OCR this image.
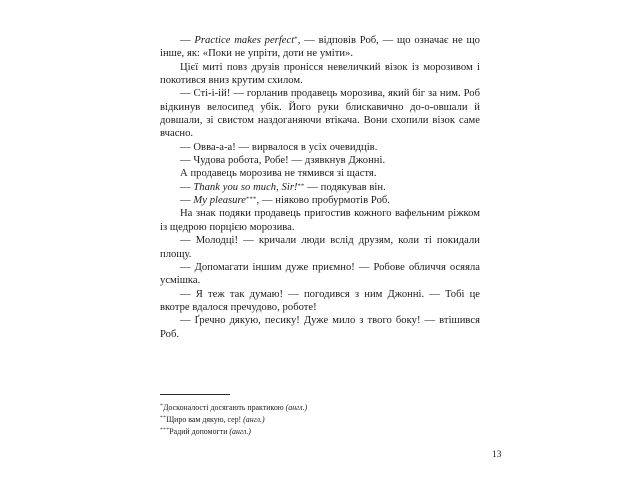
— Practice makes perfect*, — відповів Роб, — що означає не що інше, як: «Поки не упріти, доти не уміти».

Цієї миті повз друзів пронісся невеличкий візок із морозивом і покотився вниз крутим схилом.

— Сті-і-ій! — горланив продавець морозива, який біг за ним. Роб відкинув велосипед убік. Його руки блискавично до-о-овшали й довшали, зі свистом наздоганяючи втікача. Вони схопили візок саме вчасно.

— Овва-а-а! — вирвалося в усіх очевидців.

— Чудова робота, Робе! — дзявкнув Джонні.

А продавець морозива не тямився зі щастя.

— Thank you so much, Sir!** — подякував він.

— My pleasure***, — ніяково пробурмотів Роб.

На знак подяки продавець пригостив кожного вафельним ріжком із щедрою порцією морозива.

— Молодці! — кричали люди вслід друзям, коли ті покидали площу.

— Допомагати іншим дуже приємно! — Робове обличчя осяяла усмішка.

— Я теж так думаю! — погодився з ним Джонні. — Тобі це вкотре вдалося пречудово, роботе!

— Ґречно дякую, песику! Дуже мило з твого боку! — втішився Роб.

*Досконалості досягають практикою (англ.)
**Щиро вам дякую, сер! (англ.)
***Радий допомогти (англ.)
13
